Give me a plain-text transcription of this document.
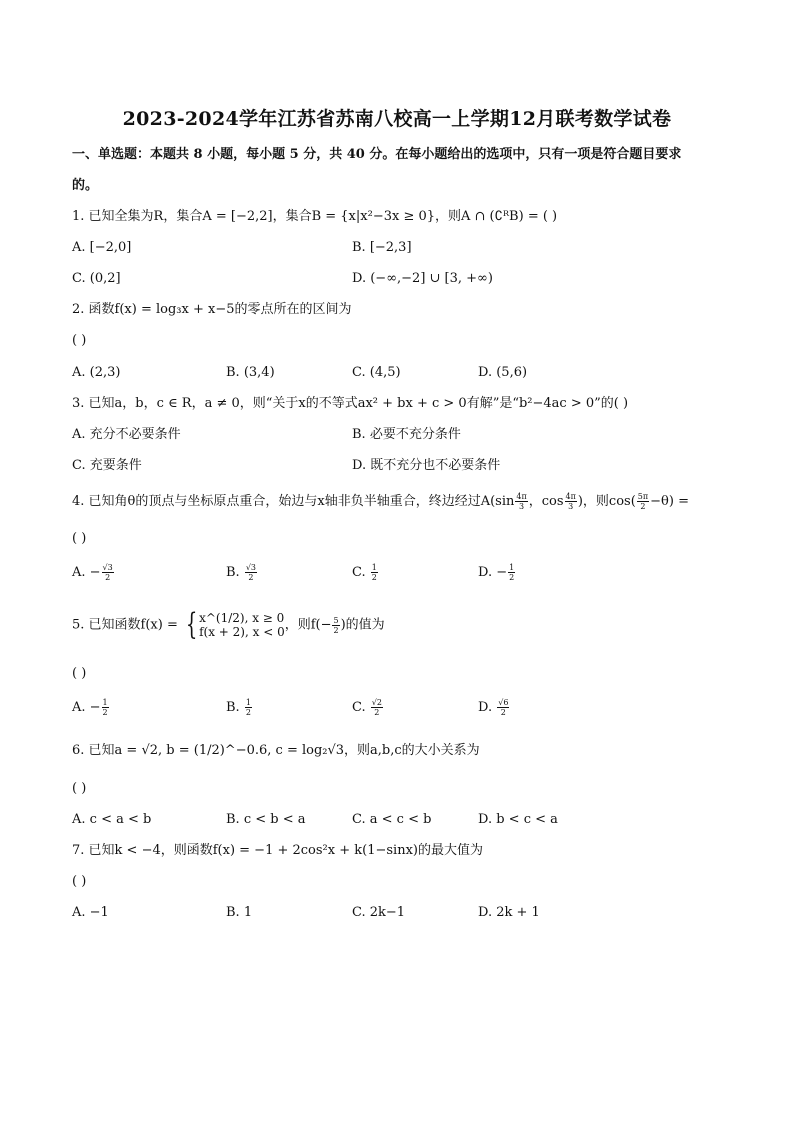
2023-2024学年江苏省苏南八校高一上学期12月联考数学试卷
一、单选题：本题共 8 小题，每小题 5 分，共 40 分。在每小题给出的选项中，只有一项是符合题目要求
的。
1. 已知全集为R，集合A = [−2,2]，集合B = {x|x²−3x ≥ 0}，则A ∩ (∁ᴿB) = ( )
A. [−2,0]	B. [−2,3]
C. (0,2]	D. (−∞,−2] ∪ [3, +∞)
2. 函数f(x) = log₃x + x−5的零点所在的区间为
( )
A. (2,3)	B. (3,4)	C. (4,5)	D. (5,6)
3. 已知a，b，c ∈ R，a ≠ 0，则“关于x的不等式ax² + bx + c > 0有解”是“b²−4ac > 0”的( )
A. 充分不必要条件	B. 必要不充分条件
C. 充要条件	D. 既不充分也不必要条件
4. 已知角θ的顶点与坐标原点重合，始边与x轴非负半轴重合，终边经过$A(\sin \frac{4\pi}{3}$ ，$\cos \frac{4\pi}{3}$ )，则$\cos( \frac{5\pi}{2} -\theta)$ =
( )
A. − $\frac{√3}{2}$	B. $\frac{√3}{2}$	C. $\frac{1}{2}$	D. − $\frac{1}{2}$
5. 已知函数f(x) = { x^(1/2), x ≥ 0
f(x + 2), x < 0 ，则$f(- \frac{5}{2}$ )的值为
( )
A. − $\frac{1}{2}$	B. $\frac{1}{2}$	C. $\frac{√2}{2}$	D. $\frac{√6}{2}$
6. 已知a = √2, b = (1/2)^−0.6, c = log₂√3，则a,b,c的大小关系为
( )
A. c < a < b	B. c < b < a	C. a < c < b	D. b < c < a
7. 已知k < −4，则函数f(x) = −1 + 2cos²x + k(1−sinx)的最大值为
( )
A. −1	B. 1	C. 2k−1	D. 2k + 1
